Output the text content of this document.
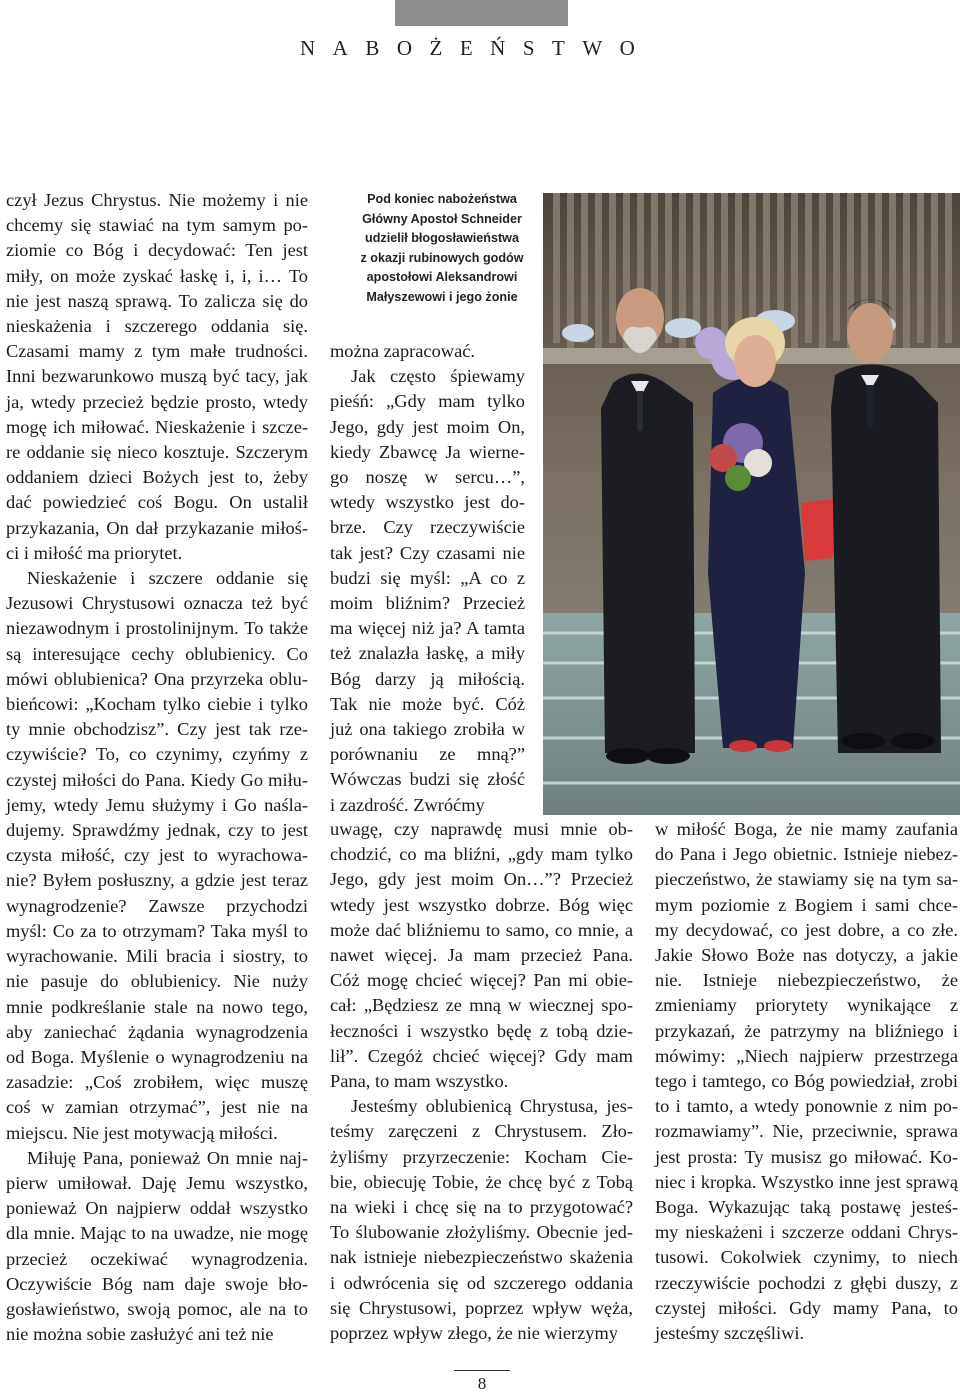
NABOŻEŃSTWO

czył Jezus Chrystus. Nie możemy i nie

chcemy się stawiać na tym samym po-

ziomie co Bóg i decydować: Ten jest

miły, on może zyskać łaskę i, i, i… To

nie jest naszą sprawą. To zalicza się do

nieskażenia i szczerego oddania się.

Czasami mamy z tym małe trudności.

Inni bezwarunkowo muszą być tacy, jak

ja, wtedy przecież będzie prosto, wtedy

mogę ich miłować. Nieskażenie i szcze-

re oddanie się nieco kosztuje. Szczerym

oddaniem dzieci Bożych jest to, żeby

dać powiedzieć coś Bogu. On ustalił

przykazania, On dał przykazanie miłoś-

ci i miłość ma priorytet.

Nieskażenie i szczere oddanie się

Jezusowi Chrystusowi oznacza też być

niezawodnym i prostolinijnym. To także

są interesujące cechy oblubienicy. Co

mówi oblubienica? Ona przyrzeka oblu-

bieńcowi: „Kocham tylko ciebie i tylko

ty mnie obchodzisz”. Czy jest tak rze-

czywiście? To, co czynimy, czyńmy z

czystej miłości do Pana. Kiedy Go miłu-

jemy, wtedy Jemu służymy i Go naśla-

dujemy. Sprawdźmy jednak, czy to jest

czysta miłość, czy jest to wyrachowa-

nie? Byłem posłuszny, a gdzie jest teraz

wynagrodzenie? Zawsze przychodzi

myśl: Co za to otrzymam? Taka myśl to

wyrachowanie. Mili bracia i siostry, to

nie pasuje do oblubienicy. Nie nuży

mnie podkreślanie stale na nowo tego,

aby zaniechać żądania wynagrodzenia

od Boga. Myślenie o wynagrodzeniu na

zasadzie: „Coś zrobiłem, więc muszę

coś w zamian otrzymać”, jest nie na

miejscu. Nie jest motywacją miłości.

Miłuję Pana, ponieważ On mnie naj-

pierw umiłował. Daję Jemu wszystko,

ponieważ On najpierw oddał wszystko

dla mnie. Mając to na uwadze, nie mogę

przecież oczekiwać wynagrodzenia.

Oczywiście Bóg nam daje swoje bło-

gosławieństwo, swoją pomoc, ale na to

nie można sobie zasłużyć ani też nie

Pod koniec nabożeństwa
Główny Apostoł Schneider
udzielił błogosławieństwa
z okazji rubinowych godów
apostołowi Aleksandrowi
Małyszewowi i jego żonie

można zapracować.

Jak często śpiewamy

pieśń: „Gdy mam tylko

Jego, gdy jest moim On,

kiedy Zbawcę Ja wierne-

go noszę w sercu…”,

wtedy wszystko jest do-

brze. Czy rzeczywiście

tak jest? Czy czasami nie

budzi się myśl: „A co z

moim bliźnim? Przecież

ma więcej niż ja? A tamta

też znalazła łaskę, a miły

Bóg darzy ją miłością.

Tak nie może być. Cóż

już ona takiego zrobiła w

porównaniu ze mną?”

Wówczas budzi się złość

i zazdrość. Zwróćmy

uwagę, czy naprawdę musi mnie ob-

chodzić, co ma bliźni, „gdy mam tylko

Jego, gdy jest moim On…”? Przecież

wtedy jest wszystko dobrze. Bóg więc

może dać bliźniemu to samo, co mnie, a

nawet więcej. Ja mam przecież Pana.

Cóż mogę chcieć więcej? Pan mi obie-

cał: „Będziesz ze mną w wiecznej spo-

łeczności i wszystko będę z tobą dzie-

lił”. Czegóż chcieć więcej? Gdy mam

Pana, to mam wszystko.

Jesteśmy oblubienicą Chrystusa, jes-

teśmy zaręczeni z Chrystusem. Zło-

żyliśmy przyrzeczenie: Kocham Cie-

bie, obiecuję Tobie, że chcę być z Tobą

na wieki i chcę się na to przygotować?

To ślubowanie złożyliśmy. Obecnie jed-

nak istnieje niebezpieczeństwo skażenia

i odwrócenia się od szczerego oddania

się Chrystusowi, poprzez wpływ węża,

poprzez wpływ złego, że nie wierzymy

w miłość Boga, że nie mamy zaufania

do Pana i Jego obietnic. Istnieje niebez-

pieczeństwo, że stawiamy się na tym sa-

mym poziomie z Bogiem i sami chce-

my decydować, co jest dobre, a co złe.

Jakie Słowo Boże nas dotyczy, a jakie

nie. Istnieje niebezpieczeństwo, że

zmieniamy priorytety wynikające z

przykazań, że patrzymy na bliźniego i

mówimy: „Niech najpierw przestrzega

tego i tamtego, co Bóg powiedział, zrobi

to i tamto, a wtedy ponownie z nim po-

rozmawiamy”. Nie, przeciwnie, sprawa

jest prosta: Ty musisz go miłować. Ko-

niec i kropka. Wszystko inne jest sprawą

Boga. Wykazując taką postawę jesteś-

my nieskażeni i szczerze oddani Chrys-

tusowi. Cokolwiek czynimy, to niech

rzeczywiście pochodzi z głębi duszy, z

czystej miłości. Gdy mamy Pana, to

jesteśmy szczęśliwi.

8
